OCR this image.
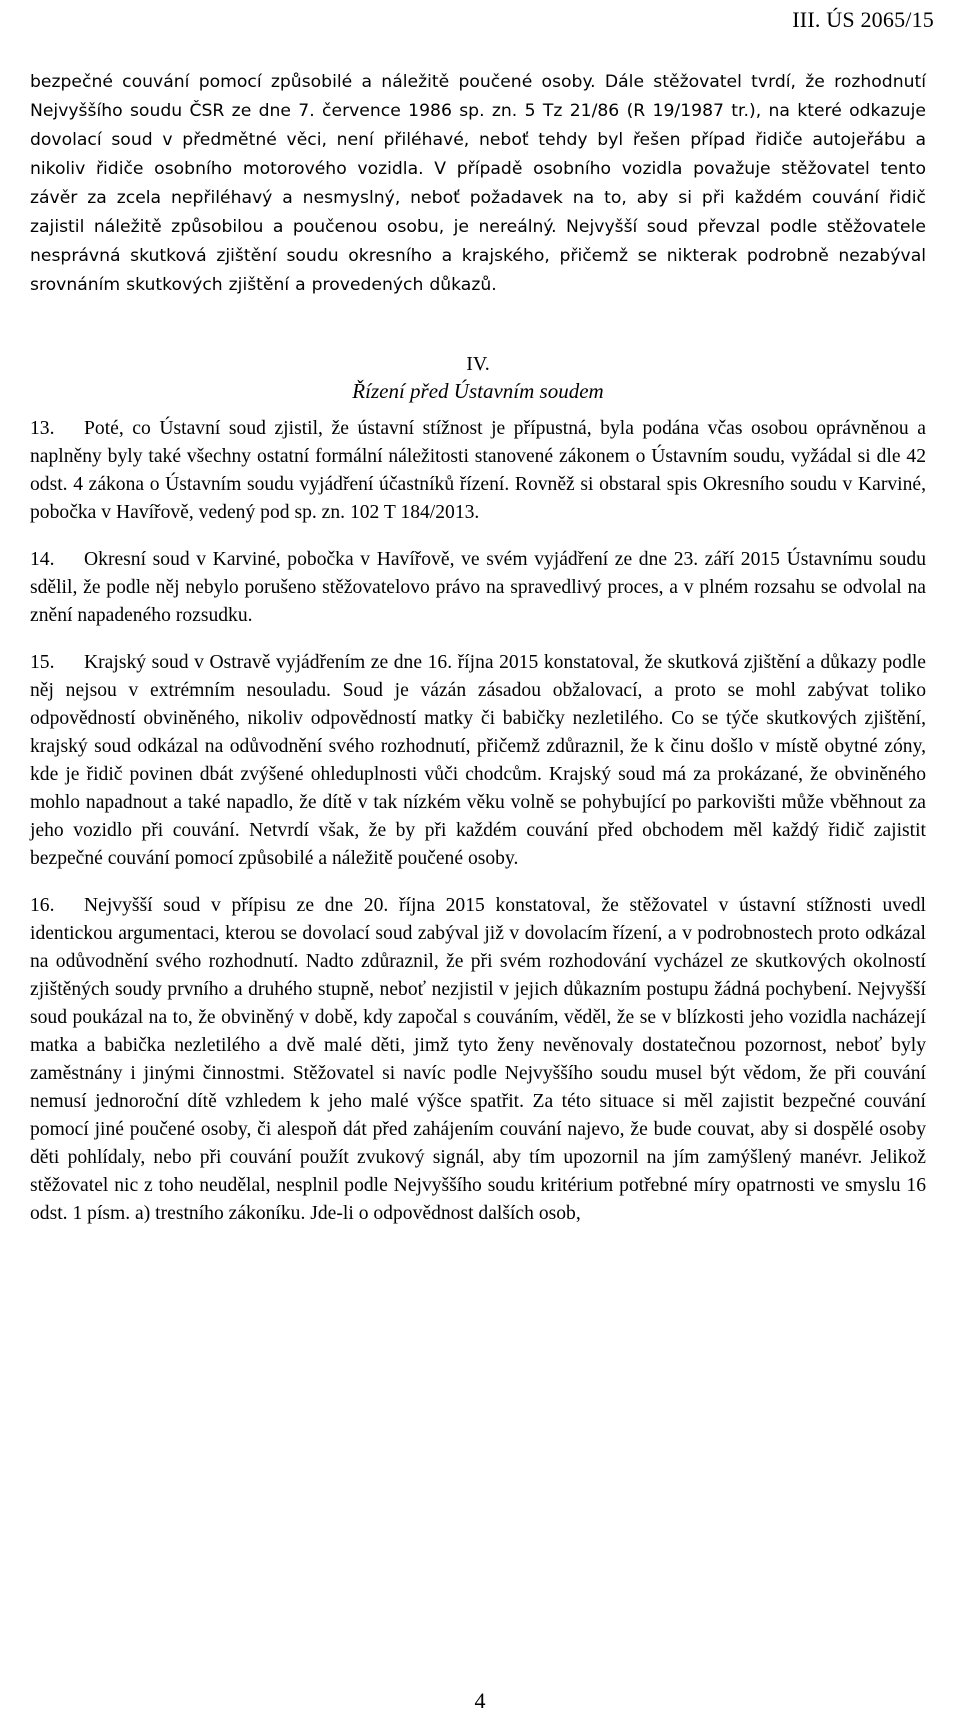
III. ÚS 2065/15

bezpečné couvání pomocí způsobilé a náležitě poučené osoby. Dále stěžovatel tvrdí, že rozhodnutí Nejvyššího soudu ČSR ze dne 7. července 1986 sp. zn. 5 Tz 21/86 (R 19/1987 tr.), na které odkazuje dovolací soud v předmětné věci, není přiléhavé, neboť tehdy byl řešen případ řidiče autojeřábu a nikoliv řidiče osobního motorového vozidla. V případě osobního vozidla považuje stěžovatel tento závěr za zcela nepřiléhavý a nesmyslný, neboť požadavek na to, aby si při každém couvání řidič zajistil náležitě způsobilou a poučenou osobu, je nereálný. Nejvyšší soud převzal podle stěžovatele nesprávná skutková zjištění soudu okresního a krajského, přičemž se nikterak podrobně nezabýval srovnáním skutkových zjištění a provedených důkazů.

IV.
Řízení před Ústavním soudem

13. Poté, co Ústavní soud zjistil, že ústavní stížnost je přípustná, byla podána včas osobou oprávněnou a naplněny byly také všechny ostatní formální náležitosti stanovené zákonem o Ústavním soudu, vyžádal si dle 42 odst. 4 zákona o Ústavním soudu vyjádření účastníků řízení. Rovněž si obstaral spis Okresního soudu v Karviné, pobočka v Havířově, vedený pod sp. zn. 102 T 184/2013.

14. Okresní soud v Karviné, pobočka v Havířově, ve svém vyjádření ze dne 23. září 2015 Ústavnímu soudu sdělil, že podle něj nebylo porušeno stěžovatelovo právo na spravedlivý proces, a v plném rozsahu se odvolal na znění napadeného rozsudku.

15. Krajský soud v Ostravě vyjádřením ze dne 16. října 2015 konstatoval, že skutková zjištění a důkazy podle něj nejsou v extrémním nesouladu. Soud je vázán zásadou obžalovací, a proto se mohl zabývat toliko odpovědností obviněného, nikoliv odpovědností matky či babičky nezletilého. Co se týče skutkových zjištění, krajský soud odkázal na odůvodnění svého rozhodnutí, přičemž zdůraznil, že k činu došlo v místě obytné zóny, kde je řidič povinen dbát zvýšené ohleduplnosti vůči chodcům. Krajský soud má za prokázané, že obviněného mohlo napadnout a také napadlo, že dítě v tak nízkém věku volně se pohybující po parkovišti může vběhnout za jeho vozidlo při couvání. Netvrdí však, že by při každém couvání před obchodem měl každý řidič zajistit bezpečné couvání pomocí způsobilé a náležitě poučené osoby.

16. Nejvyšší soud v přípisu ze dne 20. října 2015 konstatoval, že stěžovatel v ústavní stížnosti uvedl identickou argumentaci, kterou se dovolací soud zabýval již v dovolacím řízení, a v podrobnostech proto odkázal na odůvodnění svého rozhodnutí. Nadto zdůraznil, že při svém rozhodování vycházel ze skutkových okolností zjištěných soudy prvního a druhého stupně, neboť nezjistil v jejich důkazním postupu žádná pochybení. Nejvyšší soud poukázal na to, že obviněný v době, kdy započal s couváním, věděl, že se v blízkosti jeho vozidla nacházejí matka a babička nezletilého a dvě malé děti, jimž tyto ženy nevěnovaly dostatečnou pozornost, neboť byly zaměstnány i jinými činnostmi. Stěžovatel si navíc podle Nejvyššího soudu musel být vědom, že při couvání nemusí jednoroční dítě vzhledem k jeho malé výšce spatřit. Za této situace si měl zajistit bezpečné couvání pomocí jiné poučené osoby, či alespoň dát před zahájením couvání najevo, že bude couvat, aby si dospělé osoby děti pohlídaly, nebo při couvání použít zvukový signál, aby tím upozornil na jím zamýšlený manévr. Jelikož stěžovatel nic z toho neudělal, nesplnil podle Nejvyššího soudu kritérium potřebné míry opatrnosti ve smyslu 16 odst. 1 písm. a) trestního zákoníku. Jde-li o odpovědnost dalších osob,

4
